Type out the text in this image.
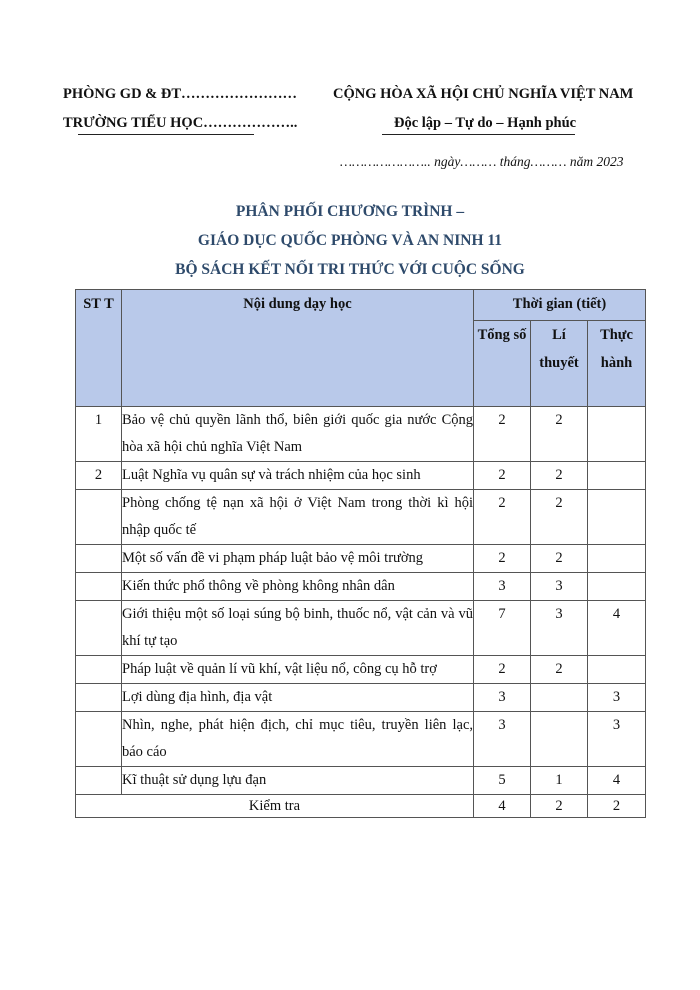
PHÒNG GD & ĐT……………………
TRƯỜNG TIỂU HỌC………………..
CỘNG HÒA XÃ HỘI CHỦ NGHĨA VIỆT NAM
Độc lập – Tự do – Hạnh phúc
………………….. ngày……… tháng……… năm 2023
PHÂN PHỐI CHƯƠNG TRÌNH –
GIÁO DỤC QUỐC PHÒNG VÀ AN NINH 11
BỘ SÁCH KẾT NỐI TRI THỨC VỚI CUỘC SỐNG
ST T	Nội dung dạy học	Thời gian (tiết)		
		Tổng số	Lí thuyết	Thực hành
1	Bảo vệ chủ quyền lãnh thổ, biên giới quốc gia nước Cộng hòa xã hội chủ nghĩa Việt Nam	2	2	
2	Luật Nghĩa vụ quân sự và trách nhiệm của học sinh	2	2	
	Phòng chống tệ nạn xã hội ở Việt Nam trong thời kì hội nhập quốc tế	2	2	
	Một số vấn đề vi phạm pháp luật bảo vệ môi trường	2	2	
	Kiến thức phổ thông về phòng không nhân dân	3	3	
	Giới thiệu một số loại súng bộ binh, thuốc nổ, vật cản và vũ khí tự tạo	7	3	4
	Pháp luật về quản lí vũ khí, vật liệu nổ, công cụ hỗ trợ	2	2	
	Lợi dùng địa hình, địa vật	3		3
	Nhìn, nghe, phát hiện địch, chỉ mục tiêu, truyền liên lạc, báo cáo	3		3
	Kĩ thuật sử dụng lựu đạn	5	1	4
Kiểm tra		4	2	2
